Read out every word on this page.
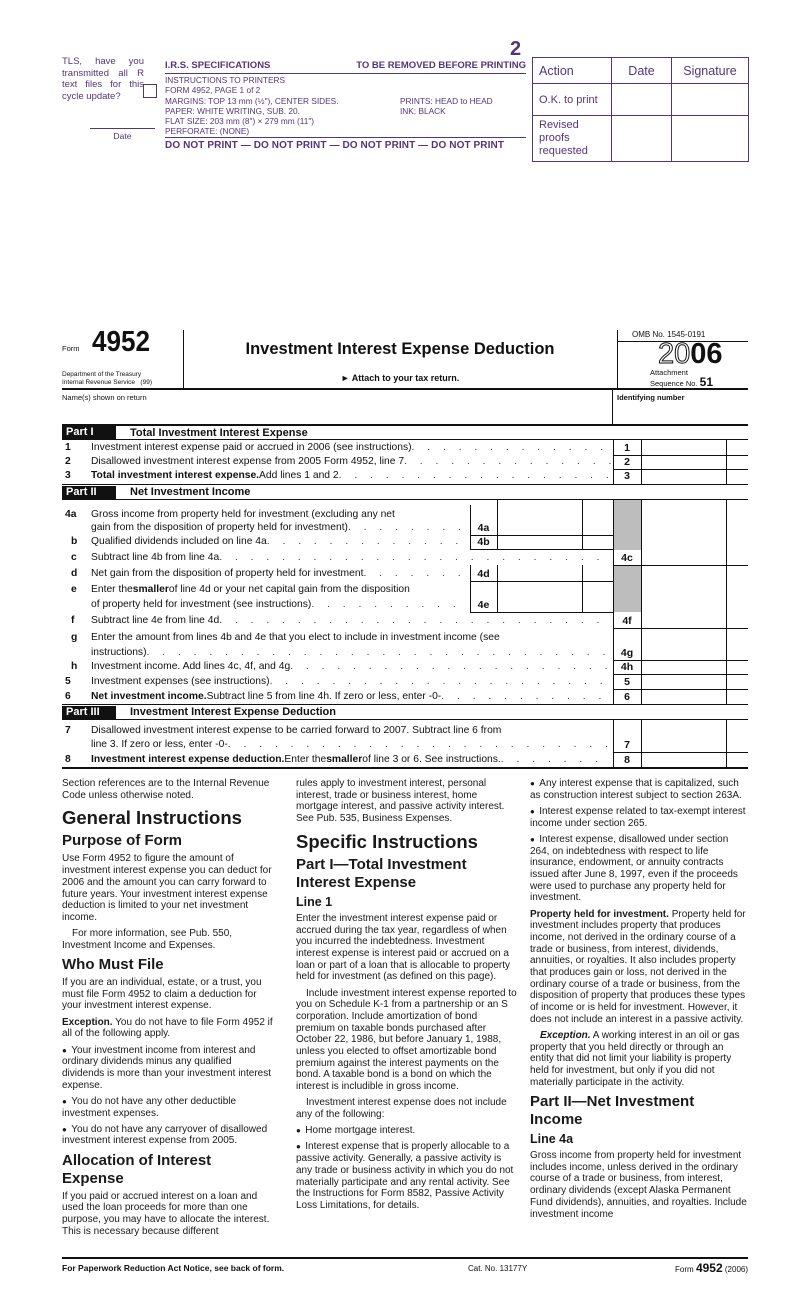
TLS, have you transmitted all R text files for this cycle update?
Date
2
I.R.S. SPECIFICATIONS	TO BE REMOVED BEFORE PRINTING
INSTRUCTIONS TO PRINTERS
FORM 4952, PAGE 1 of 2
MARGINS: TOP 13 mm (½"), CENTER SIDES.	PRINTS: HEAD to HEAD
PAPER: WHITE WRITING, SUB. 20.	INK: BLACK
FLAT SIZE: 203 mm (8") × 279 mm (11")
PERFORATE: (NONE)
DO NOT PRINT — DO NOT PRINT — DO NOT PRINT — DO NOT PRINT
Action	Date	Signature
O.K. to print		
Revised proofs requested		
Form 4952
Department of the Treasury
Internal Revenue Service (99)
Investment Interest Expense Deduction
► Attach to your tax return.
OMB No. 1545-0191
2006
Attachment
Sequence No. 51
Name(s) shown on return	Identifying number
Part I	Total Investment Interest Expense
Part II	Net Investment Income
Part III	Investment Interest Expense Deduction
1 Investment interest expense paid or accrued in 2006 (see instructions) . . .	1
2 Disallowed investment interest expense from 2005 Form 4952, line 7 . . .	2
3 Total investment interest expense. Add lines 1 and 2 . . .	3
4a Gross income from property held for investment (excluding any net
gain from the disposition of property held for investment) . . .	4a
b Qualified dividends included on line 4a . . .	4b
c Subtract line 4b from line 4a . . .	4c
d Net gain from the disposition of property held for investment . . .	4d
e Enter the smaller of line 4d or your net capital gain from the disposition
of property held for investment (see instructions) . . .	4e
f Subtract line 4e from line 4d . . .	4f
g Enter the amount from lines 4b and 4e that you elect to include in investment income (see
instructions) . . .	4g
h Investment income. Add lines 4c, 4f, and 4g . . .	4h
5 Investment expenses (see instructions) . . .	5
6 Net investment income. Subtract line 5 from line 4h. If zero or less, enter -0- . . .	6
7 Disallowed investment interest expense to be carried forward to 2007. Subtract line 6 from
line 3. If zero or less, enter -0- . . .	7
8 Investment interest expense deduction. Enter the smaller of line 3 or 6. See instructions. . . .	8

Section references are to the Internal Revenue Code unless otherwise noted.

General Instructions
Purpose of Form

Use Form 4952 to figure the amount of investment interest expense you can deduct for 2006 and the amount you can carry forward to future years. Your investment interest expense deduction is limited to your net investment income.

For more information, see Pub. 550, Investment Income and Expenses.

Who Must File

If you are an individual, estate, or a trust, you must file Form 4952 to claim a deduction for your investment interest expense.

Exception. You do not have to file Form 4952 if all of the following apply.

●  Your investment income from interest and ordinary dividends minus any qualified dividends is more than your investment interest expense.

●  You do not have any other deductible investment expenses.

●  You do not have any carryover of disallowed investment interest expense from 2005.

Allocation of Interest Expense

If you paid or accrued interest on a loan and used the loan proceeds for more than one purpose, you may have to allocate the interest. This is necessary because different

rules apply to investment interest, personal interest, trade or business interest, home mortgage interest, and passive activity interest. See Pub. 535, Business Expenses.

Specific Instructions
Part I—Total Investment Interest Expense
Line 1

Enter the investment interest expense paid or accrued during the tax year, regardless of when you incurred the indebtedness. Investment interest expense is interest paid or accrued on a loan or part of a loan that is allocable to property held for investment (as defined on this page).

Include investment interest expense reported to you on Schedule K-1 from a partnership or an S corporation. Include amortization of bond premium on taxable bonds purchased after October 22, 1986, but before January 1, 1988, unless you elected to offset amortizable bond premium against the interest payments on the bond. A taxable bond is a bond on which the interest is includible in gross income.

Investment interest expense does not include any of the following:

●  Home mortgage interest.

●  Interest expense that is properly allocable to a passive activity. Generally, a passive activity is any trade or business activity in which you do not materially participate and any rental activity. See the Instructions for Form 8582, Passive Activity Loss Limitations, for details.

●  Any interest expense that is capitalized, such as construction interest subject to section 263A.

●  Interest expense related to tax-exempt interest income under section 265.

●  Interest expense, disallowed under section 264, on indebtedness with respect to life insurance, endowment, or annuity contracts issued after June 8, 1997, even if the proceeds were used to purchase any property held for investment.

Property held for investment. Property held for investment includes property that produces income, not derived in the ordinary course of a trade or business, from interest, dividends, annuities, or royalties. It also includes property that produces gain or loss, not derived in the ordinary course of a trade or business, from the disposition of property that produces these types of income or is held for investment. However, it does not include an interest in a passive activity.

Exception. A working interest in an oil or gas property that you held directly or through an entity that did not limit your liability is property held for investment, but only if you did not materially participate in the activity.

Part II—Net Investment Income
Line 4a

Gross income from property held for investment includes income, unless derived in the ordinary course of a trade or business, from interest, ordinary dividends (except Alaska Permanent Fund dividends), annuities, and royalties. Include investment income

For Paperwork Reduction Act Notice, see back of form.	Cat. No. 13177Y	Form 4952 (2006)
